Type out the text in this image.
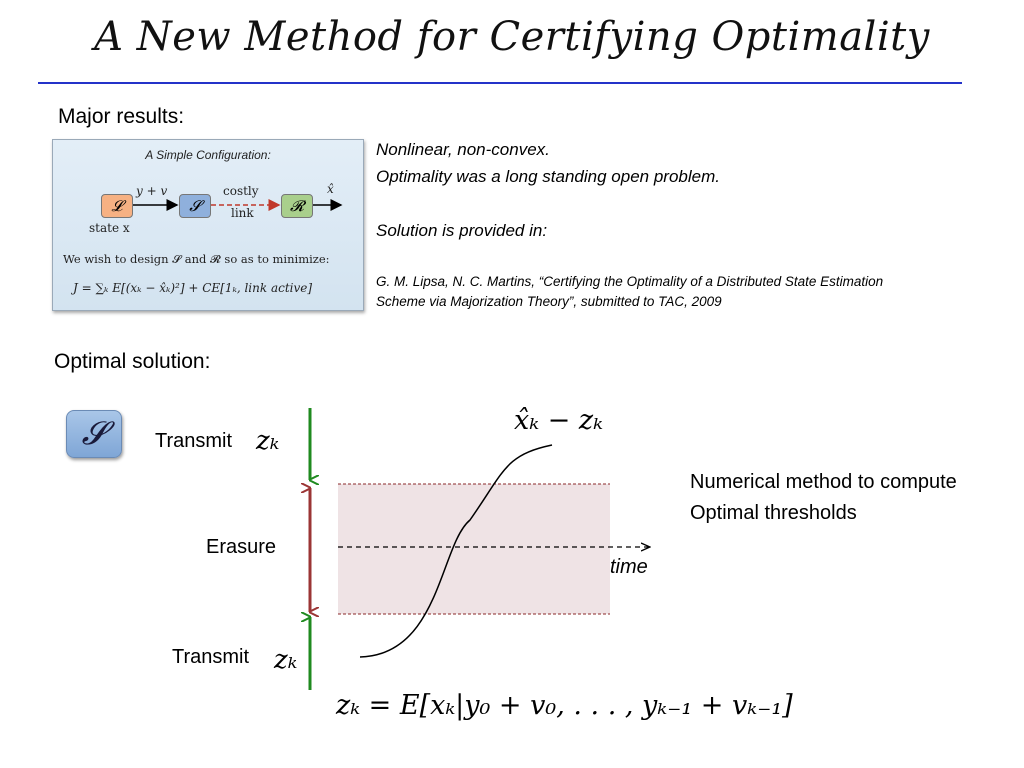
A New Method for Certifying Optimality
Major results:
A Simple Configuration:
𝓛	𝓢	𝓡
y + v	costly
link
x̂
state x
We wish to design 𝓢 and 𝓡 so as to minimize:
J = ∑ₖ E[(xₖ − x̂ₖ)²] + CE[1ₖ, link active]
Nonlinear, non-convex.
Optimality was a long standing open problem.
Solution is provided in:
G. M. Lipsa, N. C. Martins, “Certifying the Optimality of a Distributed State Estimation
Scheme via Majorization Theory”, submitted to TAC, 2009
Optimal solution:
𝓢	Transmit zₖ
Erasure
Transmit zₖ
x̂ₖ − zₖ
time
Numerical method to compute
Optimal thresholds
zₖ = E[xₖ|y₀ + v₀, . . . , yₖ₋₁ + vₖ₋₁]
